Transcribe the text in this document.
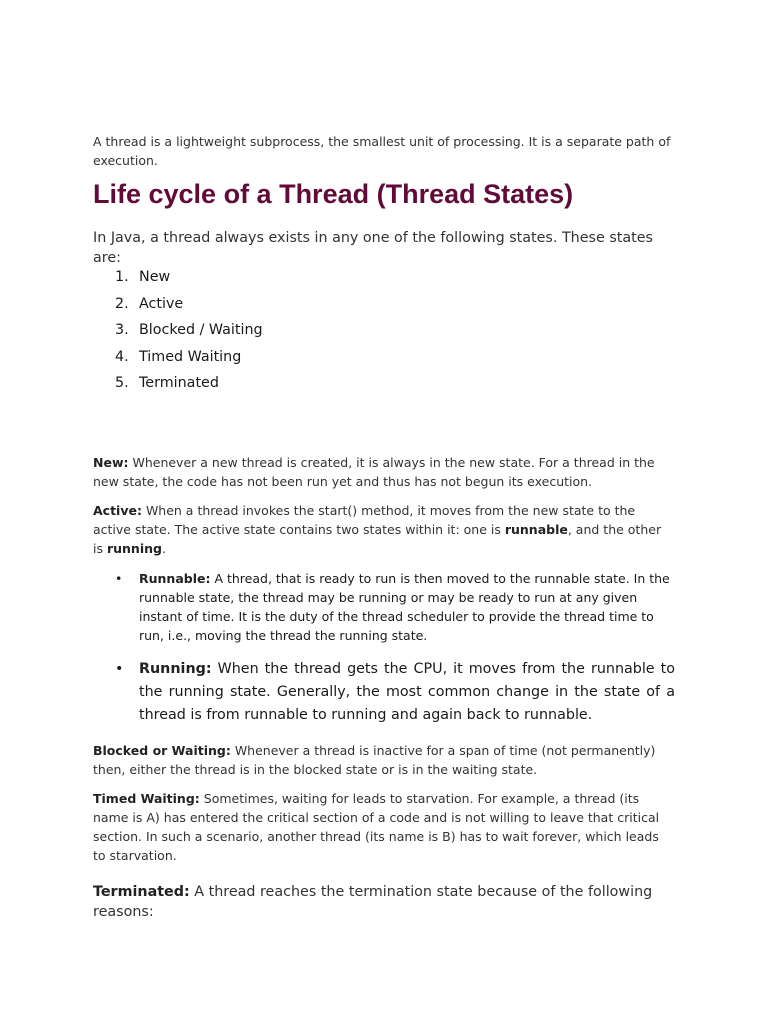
A thread is a lightweight subprocess, the smallest unit of processing. It is a separate path of execution.
Life cycle of a Thread (Thread States)
In Java, a thread always exists in any one of the following states. These states are:
1. New
2. Active
3. Blocked / Waiting
4. Timed Waiting
5. Terminated
New: Whenever a new thread is created, it is always in the new state. For a thread in the new state, the code has not been run yet and thus has not begun its execution.
Active: When a thread invokes the start() method, it moves from the new state to the active state. The active state contains two states within it: one is runnable, and the other is running.
• Runnable: A thread, that is ready to run is then moved to the runnable state. In the runnable state, the thread may be running or may be ready to run at any given instant of time. It is the duty of the thread scheduler to provide the thread time to run, i.e., moving the thread the running state.
• Running: When the thread gets the CPU, it moves from the runnable to the running state. Generally, the most common change in the state of a thread is from runnable to running and again back to runnable.
Blocked or Waiting: Whenever a thread is inactive for a span of time (not permanently) then, either the thread is in the blocked state or is in the waiting state.
Timed Waiting: Sometimes, waiting for leads to starvation. For example, a thread (its name is A) has entered the critical section of a code and is not willing to leave that critical section. In such a scenario, another thread (its name is B) has to wait forever, which leads to starvation.
Terminated: A thread reaches the termination state because of the following reasons:
